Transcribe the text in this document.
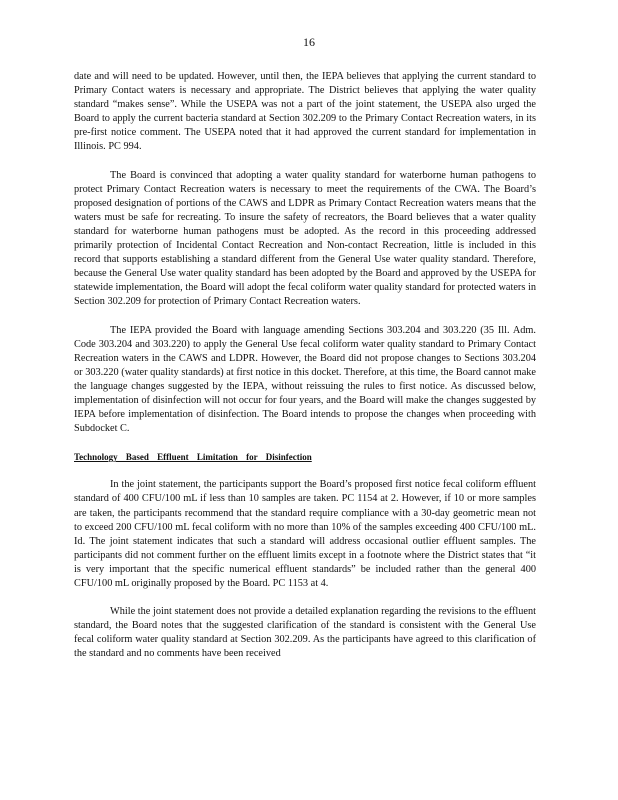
16

date and will need to be updated. However, until then, the IEPA believes that applying the current standard to Primary Contact waters is necessary and appropriate. The District believes that applying the water quality standard “makes sense”. While the USEPA was not a part of the joint statement, the USEPA also urged the Board to apply the current bacteria standard at Section 302.209 to the Primary Contact Recreation waters, in its pre-first notice comment. The USEPA noted that it had approved the current standard for implementation in Illinois. PC 994.

The Board is convinced that adopting a water quality standard for waterborne human pathogens to protect Primary Contact Recreation waters is necessary to meet the requirements of the CWA. The Board’s proposed designation of portions of the CAWS and LDPR as Primary Contact Recreation waters means that the waters must be safe for recreating. To insure the safety of recreators, the Board believes that a water quality standard for waterborne human pathogens must be adopted. As the record in this proceeding addressed primarily protection of Incidental Contact Recreation and Non-contact Recreation, little is included in this record that supports establishing a standard different from the General Use water quality standard. Therefore, because the General Use water quality standard has been adopted by the Board and approved by the USEPA for statewide implementation, the Board will adopt the fecal coliform water quality standard for protected waters in Section 302.209 for protection of Primary Contact Recreation waters.

The IEPA provided the Board with language amending Sections 303.204 and 303.220 (35 Ill. Adm. Code 303.204 and 303.220) to apply the General Use fecal coliform water quality standard to Primary Contact Recreation waters in the CAWS and LDPR. However, the Board did not propose changes to Sections 303.204 or 303.220 (water quality standards) at first notice in this docket. Therefore, at this time, the Board cannot make the language changes suggested by the IEPA, without reissuing the rules to first notice. As discussed below, implementation of disinfection will not occur for four years, and the Board will make the changes suggested by IEPA before implementation of disinfection. The Board intends to propose the changes when proceeding with Subdocket C.

Technology Based Effluent Limitation for Disinfection

In the joint statement, the participants support the Board’s proposed first notice fecal coliform effluent standard of 400 CFU/100 mL if less than 10 samples are taken. PC 1154 at 2. However, if 10 or more samples are taken, the participants recommend that the standard require compliance with a 30-day geometric mean not to exceed 200 CFU/100 mL fecal coliform with no more than 10% of the samples exceeding 400 CFU/100 mL. Id. The joint statement indicates that such a standard will address occasional outlier effluent samples. The participants did not comment further on the effluent limits except in a footnote where the District states that “it is very important that the specific numerical effluent standards” be included rather than the general 400 CFU/100 mL originally proposed by the Board. PC 1153 at 4.

While the joint statement does not provide a detailed explanation regarding the revisions to the effluent standard, the Board notes that the suggested clarification of the standard is consistent with the General Use fecal coliform water quality standard at Section 302.209. As the participants have agreed to this clarification of the standard and no comments have been received
